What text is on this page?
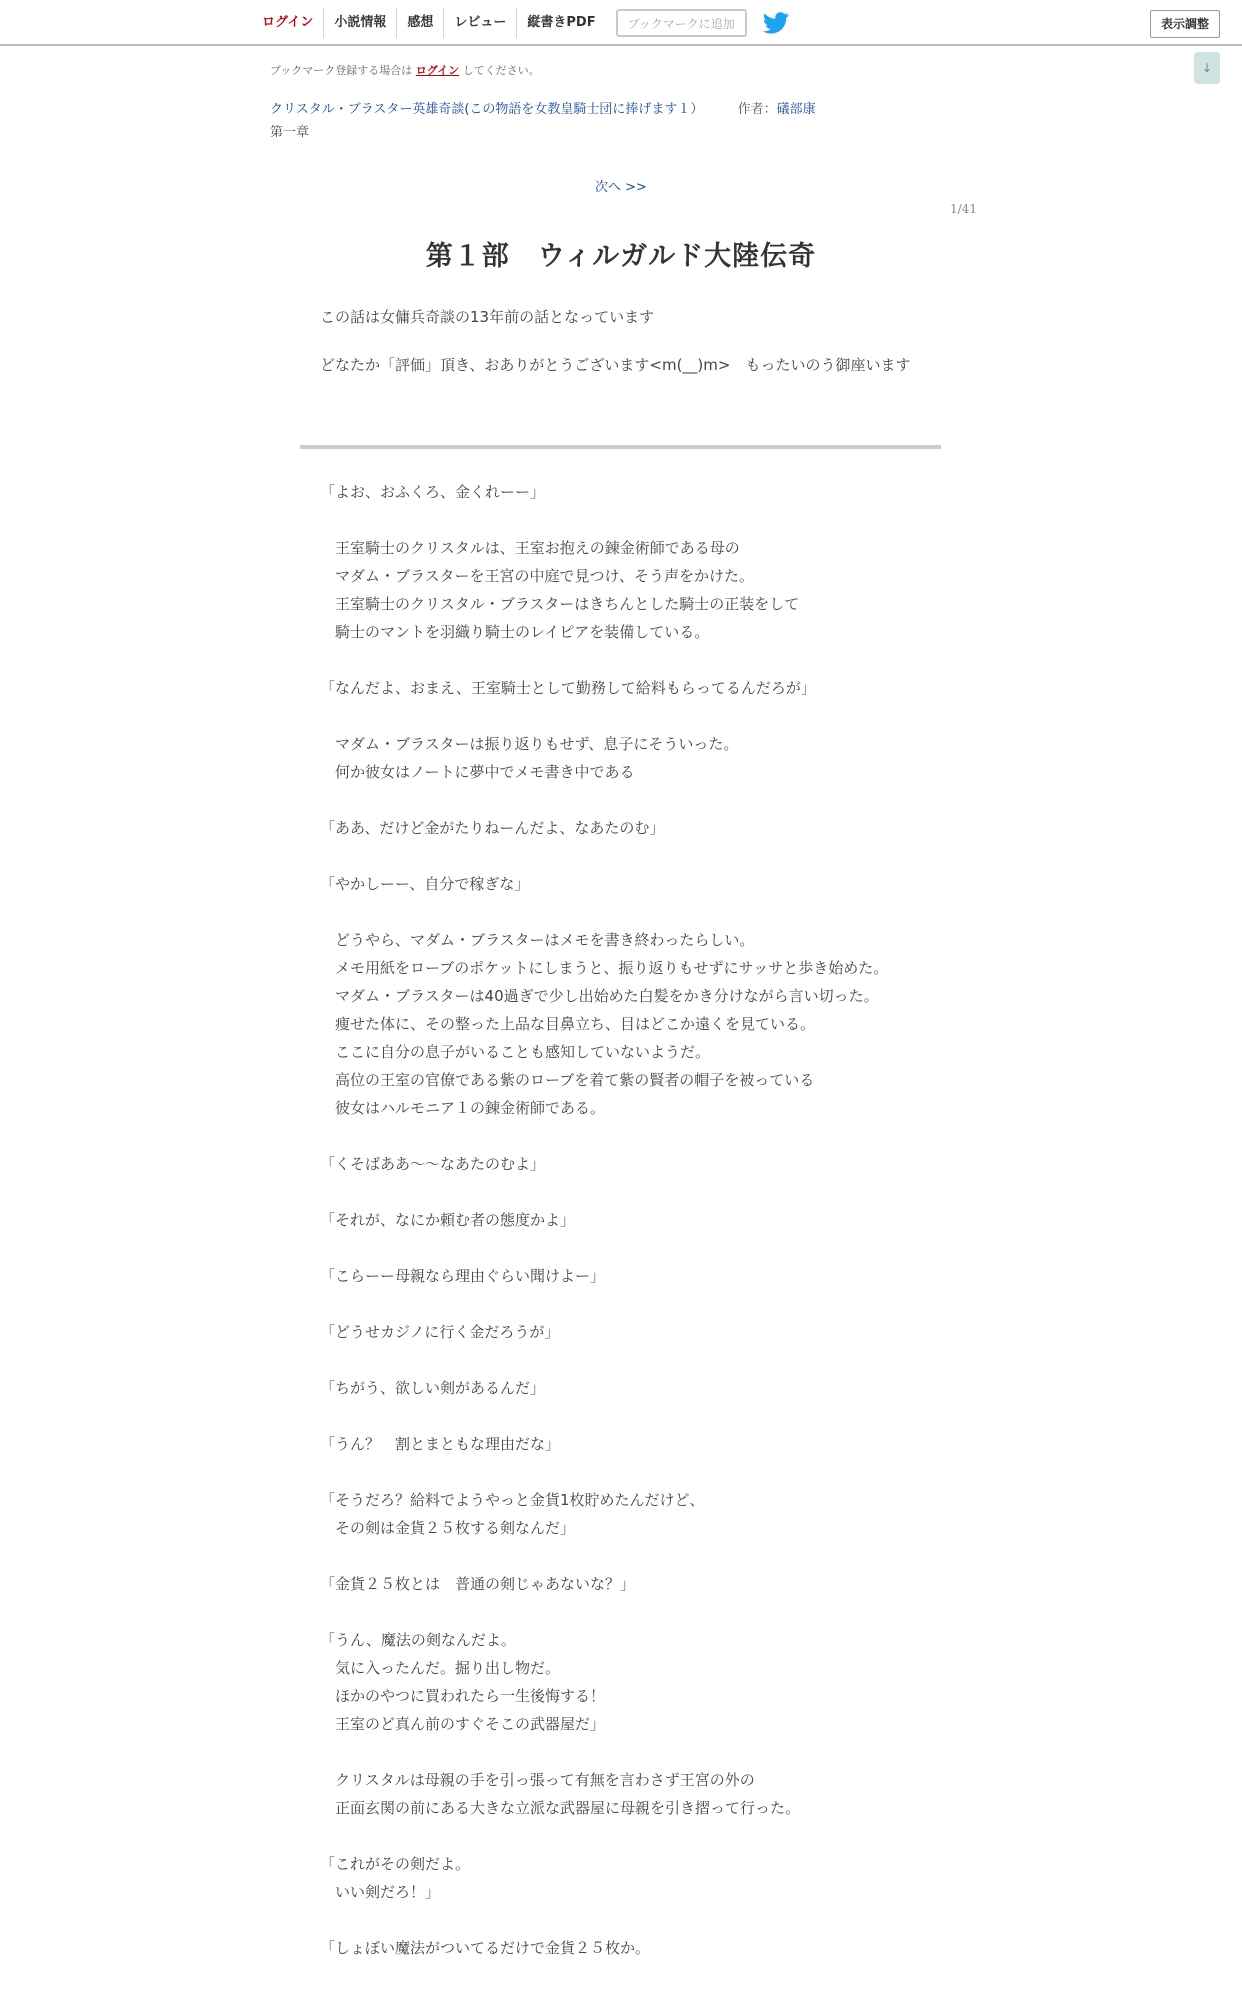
ログイン	小説情報	感想	レビュー	縦書きPDF	ブックマークに追加	表示調整
↓
ブックマーク登録する場合は ログイン してください。
クリスタル・ブラスター英雄奇談(この物語を女教皇騎士団に捧げます１）	作者：礒部康
第一章
次へ >>
1/41
第１部　ウィルガルド大陸伝奇

この話は女傭兵奇談の13年前の話となっています

どなたか「評価」頂き、おありがとうございます<m(__)m>　もったいのう御座います

「よお、おふくろ、金くれーー」

　王室騎士のクリスタルは、王室お抱えの錬金術師である母の

　マダム・ブラスターを王宮の中庭で見つけ、そう声をかけた。

　王室騎士のクリスタル・ブラスターはきちんとした騎士の正装をして

　騎士のマントを羽織り騎士のレイピアを装備している。

「なんだよ、おまえ、王室騎士として勤務して給料もらってるんだろが」

　マダム・ブラスターは振り返りもせず、息子にそういった。

　何か彼女はノートに夢中でメモ書き中である

「ああ、だけど金がたりねーんだよ、なあたのむ」

「やかしーー、自分で稼ぎな」

　どうやら、マダム・ブラスターはメモを書き終わったらしい。

　メモ用紙をローブのポケットにしまうと、振り返りもせずにサッサと歩き始めた。

　マダム・ブラスターは40過ぎで少し出始めた白髪をかき分けながら言い切った。

　痩せた体に、その整った上品な目鼻立ち、目はどこか遠くを見ている。

　ここに自分の息子がいることも感知していないようだ。

　高位の王室の官僚である紫のローブを着て紫の賢者の帽子を被っている

　彼女はハルモニア１の錬金術師である。

「くそばああ～～なあたのむよ」

「それが、なにか頼む者の態度かよ」

「こらーー母親なら理由ぐらい聞けよー」

「どうせカジノに行く金だろうが」

「ちがう、欲しい剣があるんだ」

「うん？　割とまともな理由だな」

「そうだろ？給料でようやっと金貨1枚貯めたんだけど、

　その剣は金貨２５枚する剣なんだ」

「金貨２５枚とは　普通の剣じゃあないな？」

「うん、魔法の剣なんだよ。

　気に入ったんだ。掘り出し物だ。

　ほかのやつに買われたら一生後悔する！

　王室のど真ん前のすぐそこの武器屋だ」

　クリスタルは母親の手を引っ張って有無を言わさず王宮の外の

　正面玄関の前にある大きな立派な武器屋に母親を引き摺って行った。

「これがその剣だよ。

　いい剣だろ！」

「しょぼい魔法がついてるだけで金貨２５枚か。
